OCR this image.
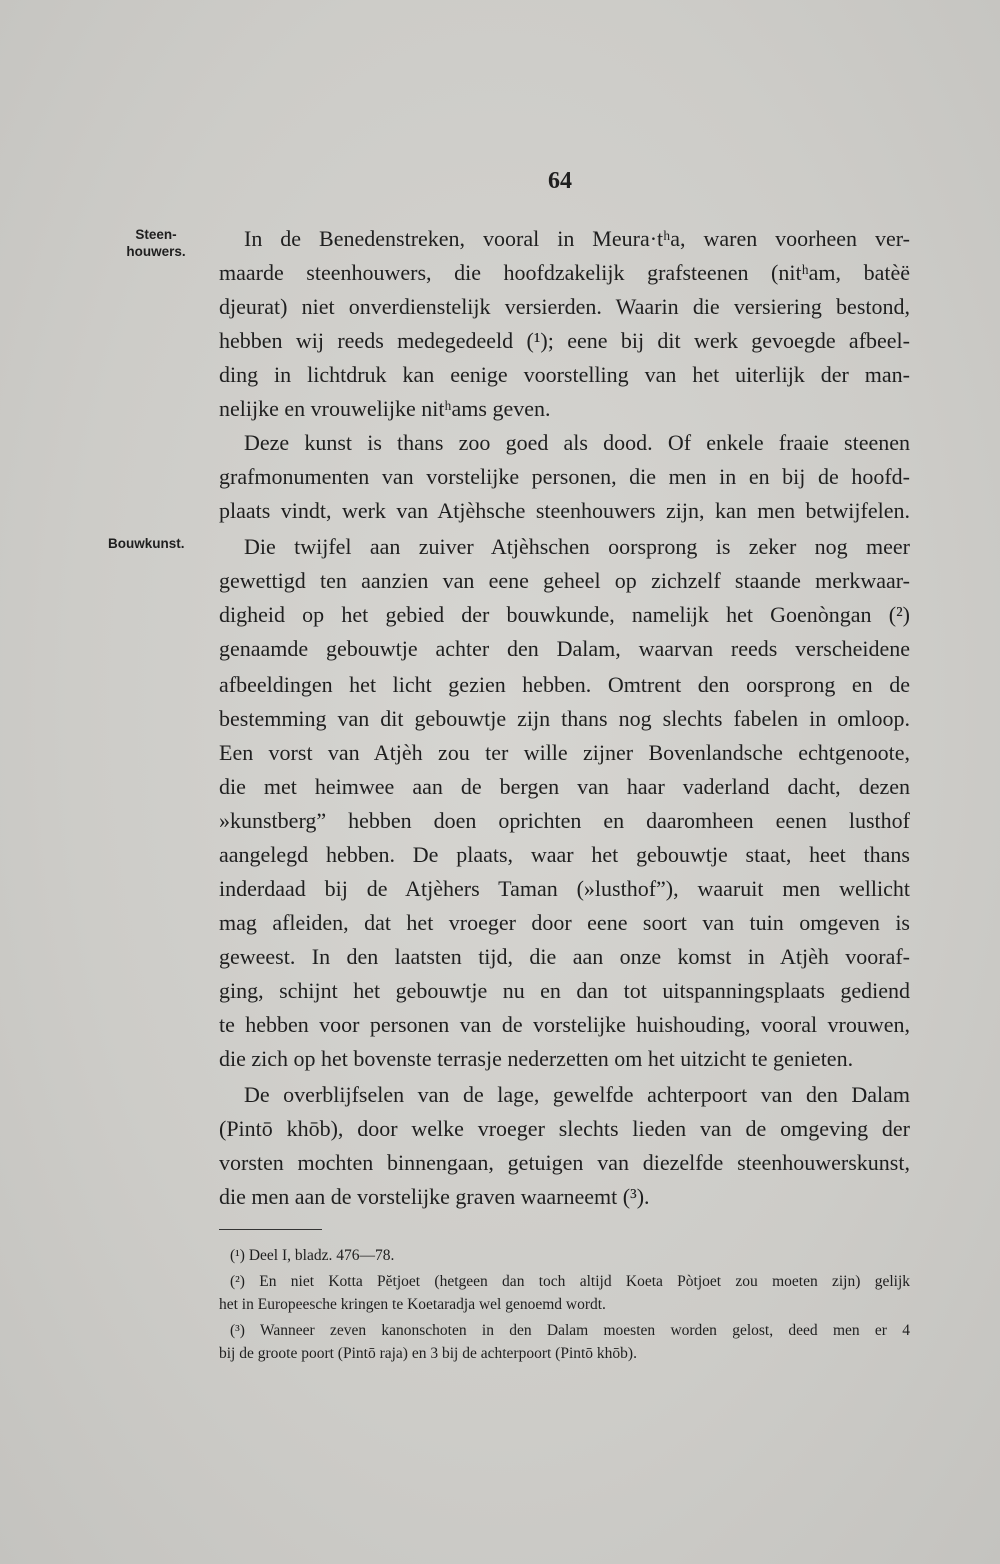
64
Steen-houwers.
Bouwkunst.
In de Benedenstreken, vooral in Meura·tʰa, waren voorheen ver-
maarde steenhouwers, die hoofdzakelijk grafsteenen (nitʰam, batèë
djeurat) niet onverdienstelijk versierden. Waarin die versiering bestond,
hebben wij reeds medegedeeld (¹); eene bij dit werk gevoegde afbeel-
ding in lichtdruk kan eenige voorstelling van het uiterlijk der man-
nelijke en vrouwelijke nitʰams geven.
Deze kunst is thans zoo goed als dood. Of enkele fraaie steenen
grafmonumenten van vorstelijke personen, die men in en bij de hoofd-
plaats vindt, werk van Atjèhsche steenhouwers zijn, kan men betwijfelen.
Die twijfel aan zuiver Atjèhschen oorsprong is zeker nog meer
gewettigd ten aanzien van eene geheel op zichzelf staande merkwaar-
digheid op het gebied der bouwkunde, namelijk het Goenòngan (²)
genaamde gebouwtje achter den Dalam, waarvan reeds verscheidene
afbeeldingen het licht gezien hebben. Omtrent den oorsprong en de
bestemming van dit gebouwtje zijn thans nog slechts fabelen in omloop.
Een vorst van Atjèh zou ter wille zijner Bovenlandsche echtgenoote,
die met heimwee aan de bergen van haar vaderland dacht, dezen
»kunstberg” hebben doen oprichten en daaromheen eenen lusthof
aangelegd hebben. De plaats, waar het gebouwtje staat, heet thans
inderdaad bij de Atjèhers Taman (»lusthof”), waaruit men wellicht
mag afleiden, dat het vroeger door eene soort van tuin omgeven is
geweest. In den laatsten tijd, die aan onze komst in Atjèh vooraf-
ging, schijnt het gebouwtje nu en dan tot uitspanningsplaats gediend
te hebben voor personen van de vorstelijke huishouding, vooral vrouwen,
die zich op het bovenste terrasje nederzetten om het uitzicht te genieten.
De overblijfselen van de lage, gewelfde achterpoort van den Dalam
(Pintō khōb), door welke vroeger slechts lieden van de omgeving der
vorsten mochten binnengaan, getuigen van diezelfde steenhouwerskunst,
die men aan de vorstelijke graven waarneemt (³).
(¹) Deel I, bladz. 476—78.
(²) En niet Kotta Pĕtjoet (hetgeen dan toch altijd Koeta Pòtjoet zou moeten zijn) gelijk
het in Europeesche kringen te Koetaradja wel genoemd wordt.
(³) Wanneer zeven kanonschoten in den Dalam moesten worden gelost, deed men er 4
bij de groote poort (Pintō raja) en 3 bij de achterpoort (Pintō khōb).
